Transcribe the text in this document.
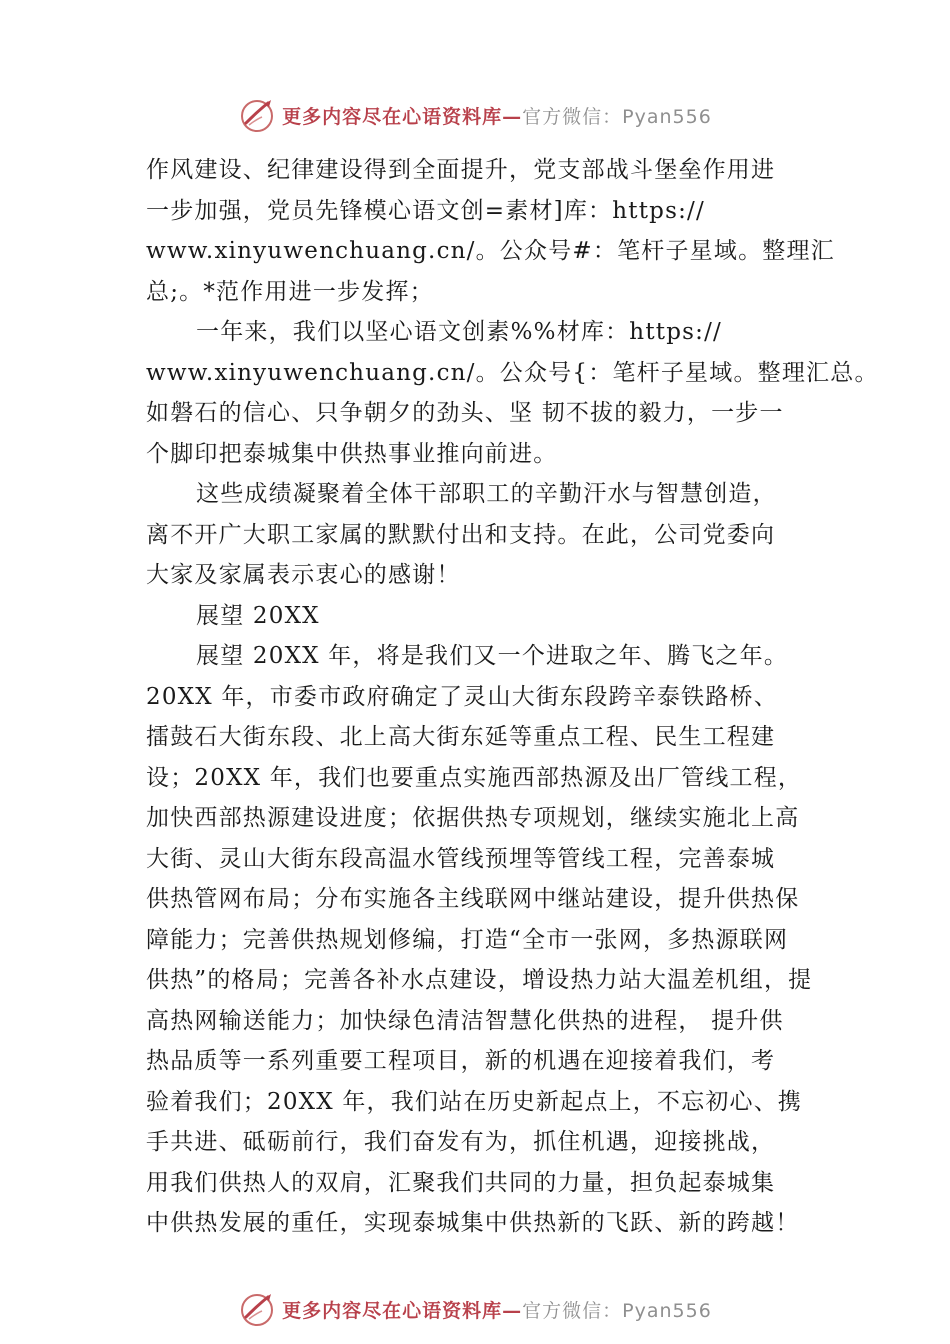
更多内容尽在心语资料库— 官方微信：Pyan556
作风建设、纪律建设得到全面提升，党支部战斗堡垒作用进
一步加强，党员先锋模心语文创=素材]库：https://
www.xinyuwenchuang.cn/。公众号#：笔杆子星域。整理汇
总;。*范作用进一步发挥；
一年来，我们以坚心语文创素%%材库：https://
www.xinyuwenchuang.cn/。公众号{：笔杆子星域。整理汇总。
如磐石的信心、只争朝夕的劲头、坚 韧不拔的毅力，一步一
个脚印把泰城集中供热事业推向前进。
这些成绩凝聚着全体干部职工的辛勤汗水与智慧创造，
离不开广大职工家属的默默付出和支持。在此，公司党委向
大家及家属表示衷心的感谢！
展望 20XX
展望 20XX 年，将是我们又一个进取之年、腾飞之年。
20XX 年，市委市政府确定了灵山大街东段跨辛泰铁路桥、
擂鼓石大街东段、北上高大街东延等重点工程、民生工程建
设；20XX 年，我们也要重点实施西部热源及出厂管线工程，
加快西部热源建设进度；依据供热专项规划，继续实施北上高
大街、灵山大街东段高温水管线预埋等管线工程，完善泰城
供热管网布局；分布实施各主线联网中继站建设，提升供热保
障能力；完善供热规划修编，打造“全市一张网，多热源联网
供热”的格局；完善各补水点建设，增设热力站大温差机组，提
高热网输送能力；加快绿色清洁智慧化供热的进程， 提升供
热品质等一系列重要工程项目，新的机遇在迎接着我们，考
验着我们；20XX 年，我们站在历史新起点上，不忘初心、携
手共进、砥砺前行，我们奋发有为，抓住机遇，迎接挑战，
用我们供热人的双肩，汇聚我们共同的力量，担负起泰城集
中供热发展的重任，实现泰城集中供热新的飞跃、新的跨越！
更多内容尽在心语资料库— 官方微信：Pyan556
